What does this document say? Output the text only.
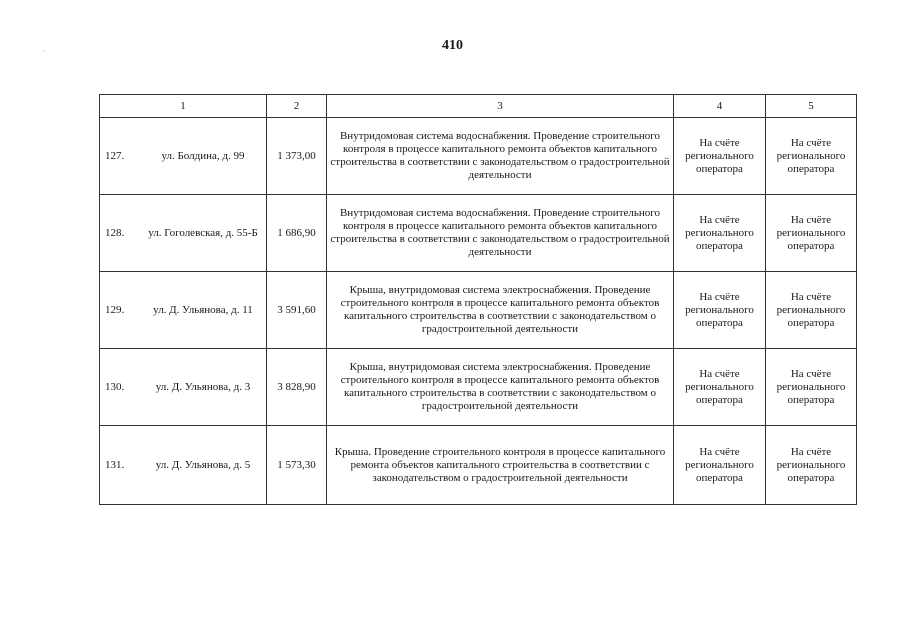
·	410
1	2	3	4	5

127. ул. Болдина, д. 99	1 373,00	Внутридомовая система водоснабжения. Проведение строительного контроля в процессе капитального ремонта объектов капитального строительства в соответствии с законодательством о градостроительной деятельности	На счёте регионального оператора	На счёте регионального оператора

128. ул. Гоголевская, д. 55-Б	1 686,90	Внутридомовая система водоснабжения. Проведение строительного контроля в процессе капитального ремонта объектов капитального строительства в соответствии с законодательством о градостроительной деятельности	На счёте регионального оператора	На счёте регионального оператора

129. ул. Д. Ульянова, д. 11	3 591,60	Крыша, внутридомовая система электроснабжения. Проведение строительного контроля в процессе капитального ремонта объектов капитального строительства в соответствии с законодательством о градостроительной деятельности	На счёте регионального оператора	На счёте регионального оператора

130. ул. Д. Ульянова, д. 3	3 828,90	Крыша, внутридомовая система электроснабжения. Проведение строительного контроля в процессе капитального ремонта объектов капитального строительства в соответствии с законодательством о градостроительной деятельности	На счёте регионального оператора	На счёте регионального оператора

131. ул. Д. Ульянова, д. 5	1 573,30	Крыша. Проведение строительного контроля в процессе капитального ремонта объектов капитального строительства в соответствии с законодательством о градостроительной деятельности	На счёте регионального оператора	На счёте регионального оператора
